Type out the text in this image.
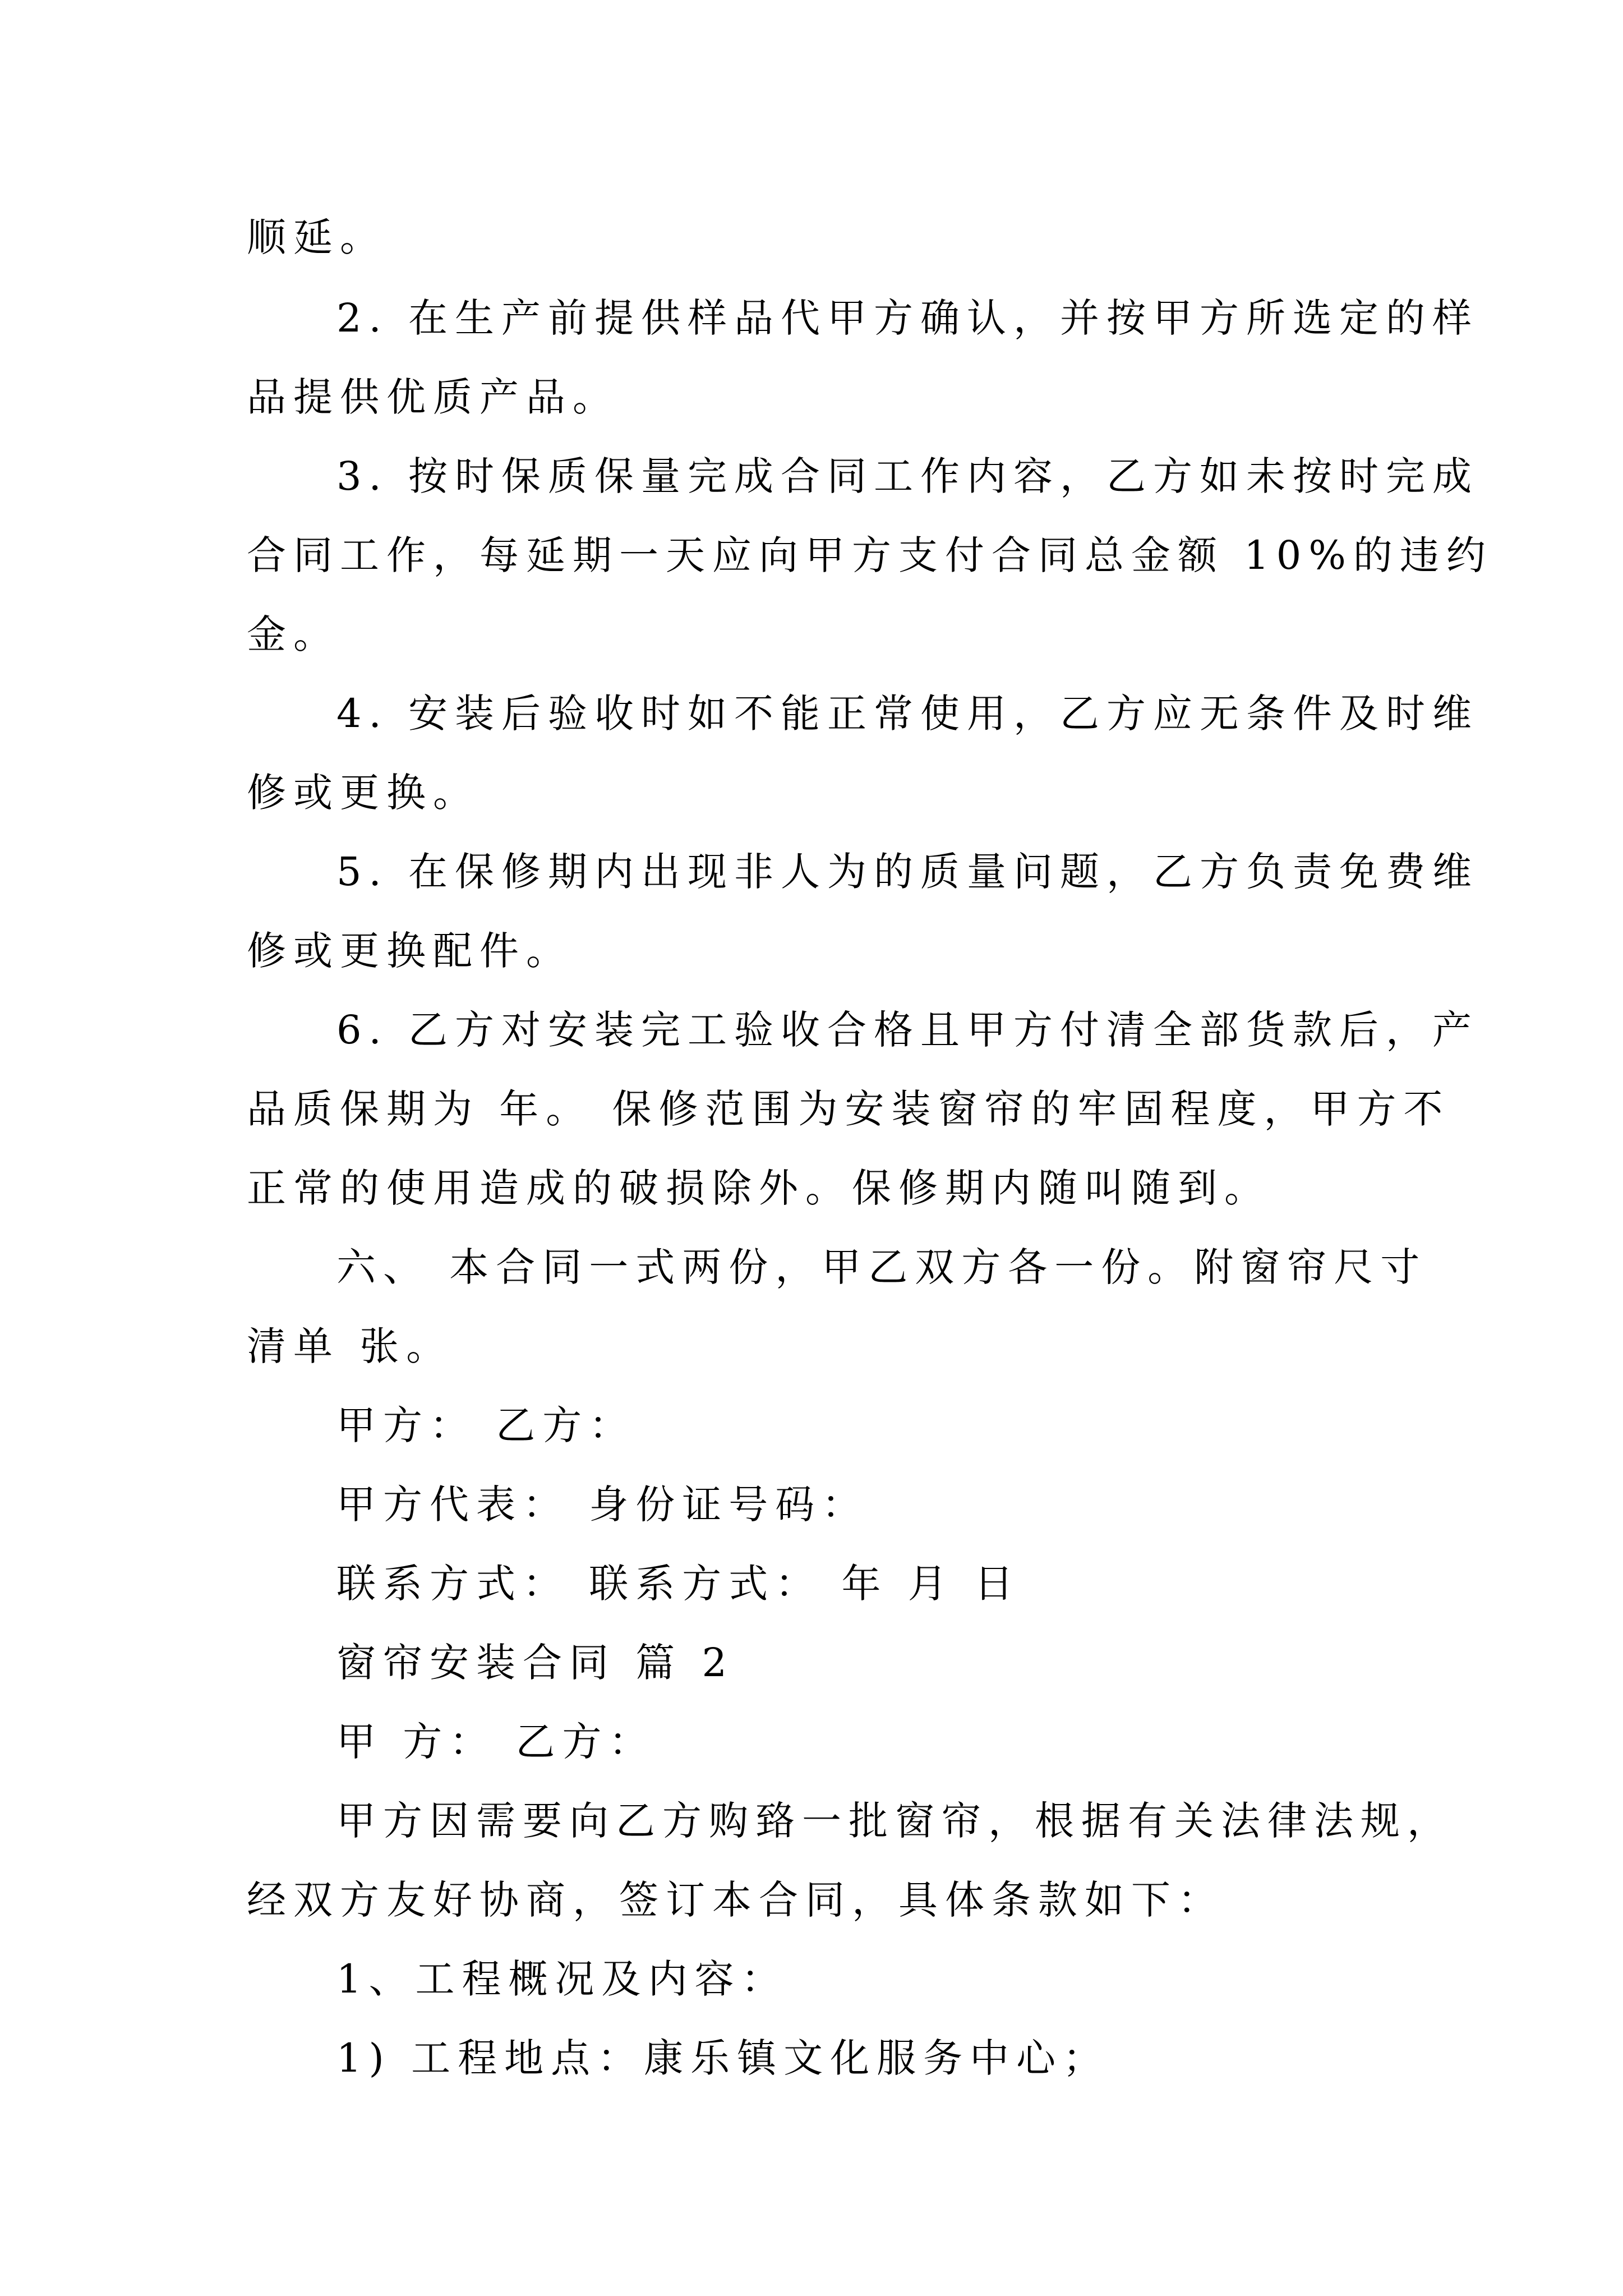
顺延。
2. 在生产前提供样品代甲方确认，并按甲方所选定的样
品提供优质产品。
3. 按时保质保量完成合同工作内容，乙方如未按时完成
合同工作，每延期一天应向甲方支付合同总金额 10%的违约
金。
4. 安装后验收时如不能正常使用，乙方应无条件及时维
修或更换。
5. 在保修期内出现非人为的质量问题，乙方负责免费维
修或更换配件。
6. 乙方对安装完工验收合格且甲方付清全部货款后，产
品质保期为 年。 保修范围为安装窗帘的牢固程度，甲方不
正常的使用造成的破损除外。保修期内随叫随到。
六、 本合同一式两份，甲乙双方各一份。附窗帘尺寸
清单 张。
甲方： 乙方：
甲方代表： 身份证号码：
联系方式： 联系方式： 年 月 日
窗帘安装合同 篇 2
甲 方： 乙方：
甲方因需要向乙方购臵一批窗帘，根据有关法律法规，
经双方友好协商，签订本合同，具体条款如下：
1、工程概况及内容：
1) 工程地点：康乐镇文化服务中心；
